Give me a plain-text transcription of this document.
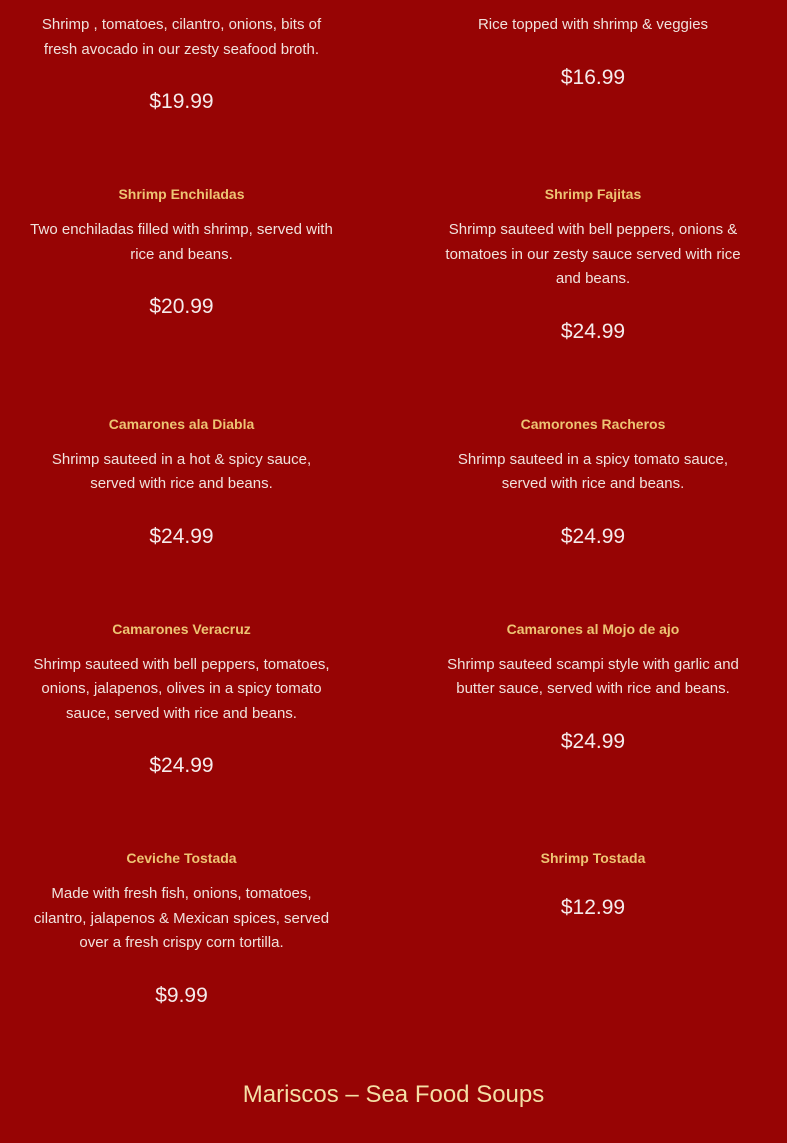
Shrimp , tomatoes, cilantro, onions, bits of fresh avocado in our zesty seafood broth.

$19.99

Rice topped with shrimp & veggies

$16.99

Shrimp Enchiladas

Two enchiladas filled with shrimp, served with rice and beans.

$20.99

Shrimp Fajitas

Shrimp sauteed with bell peppers, onions & tomatoes in our zesty sauce served with rice and beans.

$24.99

Camarones ala Diabla

Shrimp sauteed in a hot & spicy sauce, served with rice and beans.

$24.99

Camorones Racheros

Shrimp sauteed in a spicy tomato sauce, served with rice and beans.

$24.99

Camarones Veracruz

Shrimp sauteed with bell peppers, tomatoes, onions, jalapenos, olives in a spicy tomato sauce, served with rice and beans.

$24.99

Camarones al Mojo de ajo

Shrimp sauteed scampi style with garlic and butter sauce, served with rice and beans.

$24.99

Ceviche Tostada

Made with fresh fish, onions, tomatoes, cilantro, jalapenos & Mexican spices, served over a fresh crispy corn tortilla.

$9.99

Shrimp Tostada

$12.99

Mariscos – Sea Food Soups
